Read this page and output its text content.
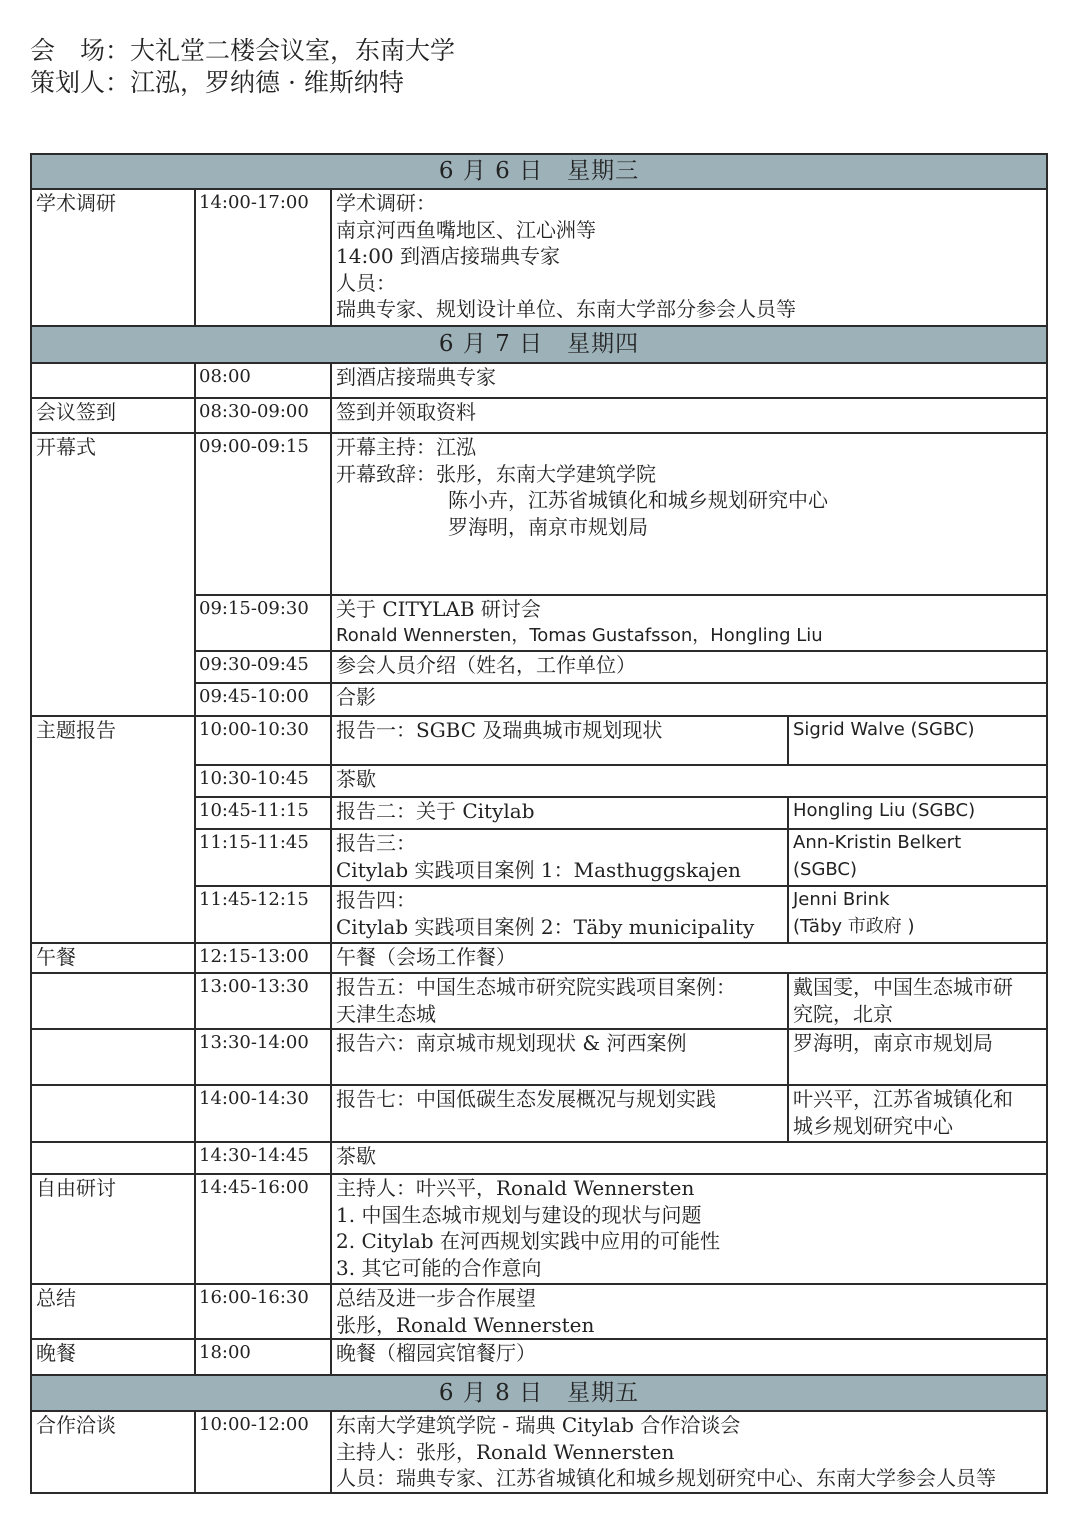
会　场：大礼堂二楼会议室，东南大学
策划人：江泓，罗纳德 · 维斯纳特
6 月 6 日　星期三			
学术调研	14:00-17:00	学术调研：
南京河西鱼嘴地区、江心洲等
14:00 到酒店接瑞典专家
人员：
瑞典专家、规划设计单位、东南大学部分参会人员等	

6 月 7 日　星期四			
	08:00	到酒店接瑞典专家	

会议签到	08:30-09:00	签到并领取资料	

开幕式	09:00-09:15	开幕主持：江泓
开幕致辞：张彤，东南大学建筑学院
陈小卉，江苏省城镇化和城乡规划研究中心
罗海明，南京市规划局	

	09:15-09:30	关于 CITYLAB 研讨会
Ronald Wennersten，Tomas Gustafsson，Hongling Liu	

	09:30-09:45	参会人员介绍（姓名，工作单位）	

	09:45-10:00	合影	

主题报告	10:00-10:30	报告一：SGBC 及瑞典城市规划现状	Sigrid Walve (SGBC)

	10:30-10:45	茶歇	

	10:45-11:15	报告二：关于 Citylab	Hongling Liu (SGBC)

	11:15-11:45	报告三：
Citylab 实践项目案例 1：Masthuggskajen	Ann-Kristin Belkert
(SGBC)

	11:45-12:15	报告四：
Citylab 实践项目案例 2：Täby municipality	Jenni Brink
(Täby 市政府 )

午餐	12:15-13:00	午餐（会场工作餐）	

	13:00-13:30	报告五：中国生态城市研究院实践项目案例：
天津生态城	戴国雯，中国生态城市研
究院，北京

	13:30-14:00	报告六：南京城市规划现状 & 河西案例	罗海明，南京市规划局

	14:00-14:30	报告七：中国低碳生态发展概况与规划实践	叶兴平，江苏省城镇化和
城乡规划研究中心

	14:30-14:45	茶歇	

自由研讨	14:45-16:00	主持人：叶兴平，Ronald Wennersten
1. 中国生态城市规划与建设的现状与问题
2. Citylab 在河西规划实践中应用的可能性
3. 其它可能的合作意向	

总结	16:00-16:30	总结及进一步合作展望
张彤，Ronald Wennersten	

晚餐	18:00	晚餐（榴园宾馆餐厅）	

6 月 8 日　星期五			
合作洽谈	10:00-12:00	东南大学建筑学院 - 瑞典 Citylab 合作洽谈会
主持人：张彤，Ronald Wennersten
人员：瑞典专家、江苏省城镇化和城乡规划研究中心、东南大学参会人员等	
